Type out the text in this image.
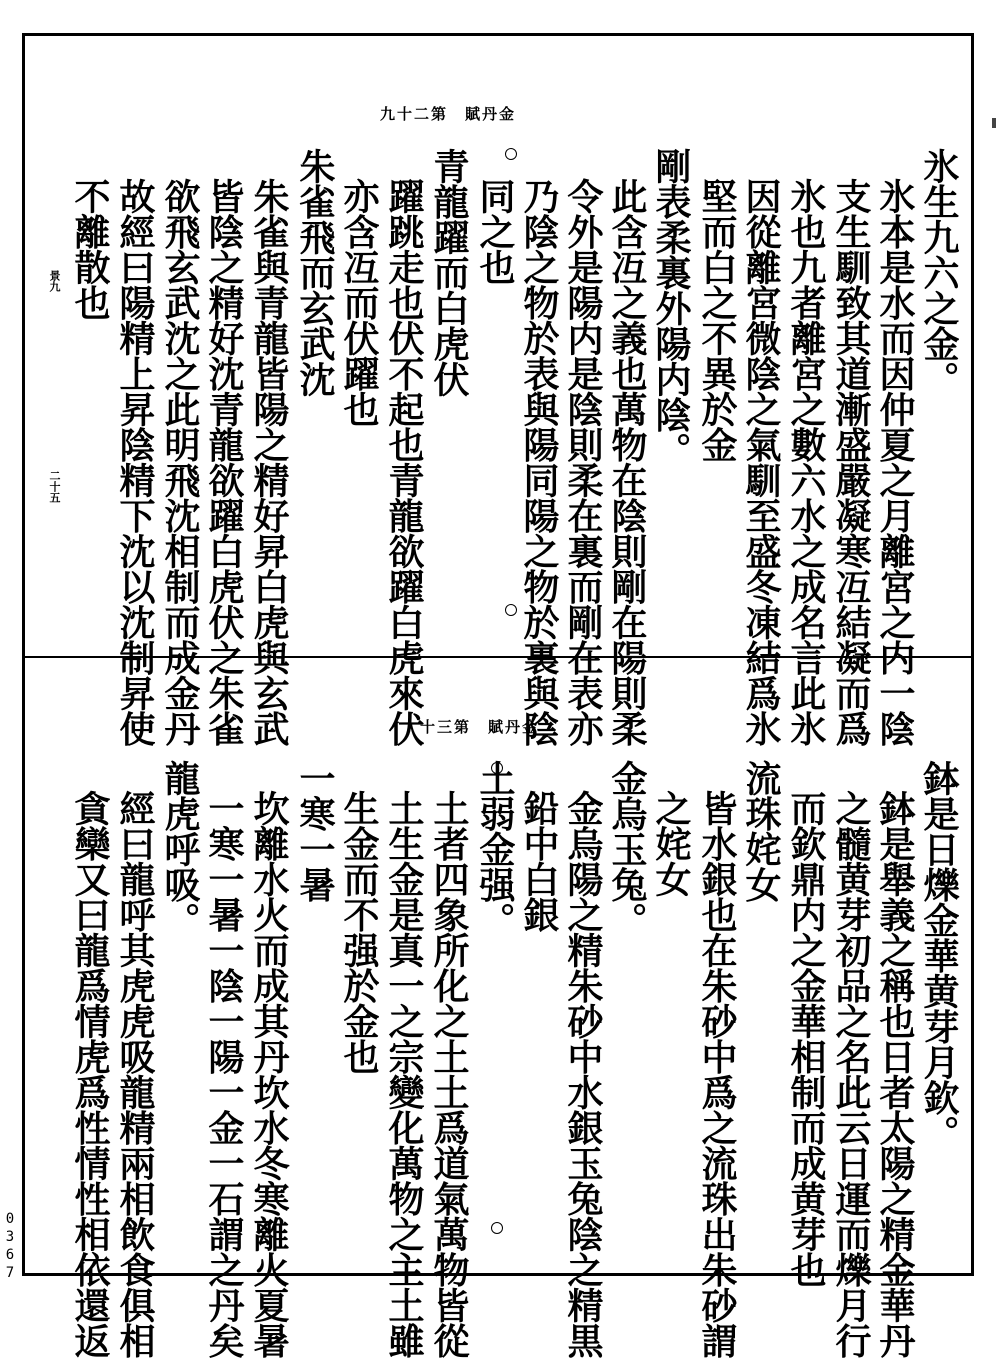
九十二第　賦丹金
氷生九六之金。
氷本是水而因仲夏之月離宮之内一陰
支生馴致其道漸盛嚴凝寒冱結凝而爲
氷也九者離宮之數六水之成名言此氷
因從離宮微陰之氣馴至盛冬凍結爲氷
堅而白之不異於金
剛表柔裏外陽内陰。
此含冱之義也萬物在陰則剛在陽則柔
令外是陽内是陰則柔在裏而剛在表亦
乃陰之物於表與陽同陽之物於裏與陰
同之也
青龍躍而白虎伏
躍跳走也伏不起也青龍欲躍白虎來伏
亦含冱而伏躍也
朱雀飛而玄武沈
朱雀與青龍皆陽之精好昇白虎與玄武
皆陰之精好沈青龍欲躍白虎伏之朱雀
欲飛玄武沈之此明飛沈相制而成金丹
故經曰陽精上昇陰精下沈以沈制昇使
不離散也
景九
二十五
十三第　賦丹金
鉢是日爍金華黄芽月欽。
鉢是舉義之稱也日者太陽之精金華丹
之髓黄芽初品之名此云日運而爍月行
而欽鼎内之金華相制而成黄芽也
流珠姹女
皆水銀也在朱砂中爲之流珠出朱砂謂
之姹女
金烏玉兔。
金烏陽之精朱砂中水銀玉兔陰之精黒
鉛中白銀
土弱金强。
土者四象所化之土土爲道氣萬物皆從
土生金是真一之宗變化萬物之主土雖
生金而不强於金也
一寒一暑
坎離水火而成其丹坎水冬寒離火夏暑
一寒一暑一陰一陽一金一石謂之丹矣
龍虎呼吸。
經曰龍呼其虎虎吸龍精兩相飲食俱相
貪欒又曰龍爲情虎爲性情性相依還返
0367
